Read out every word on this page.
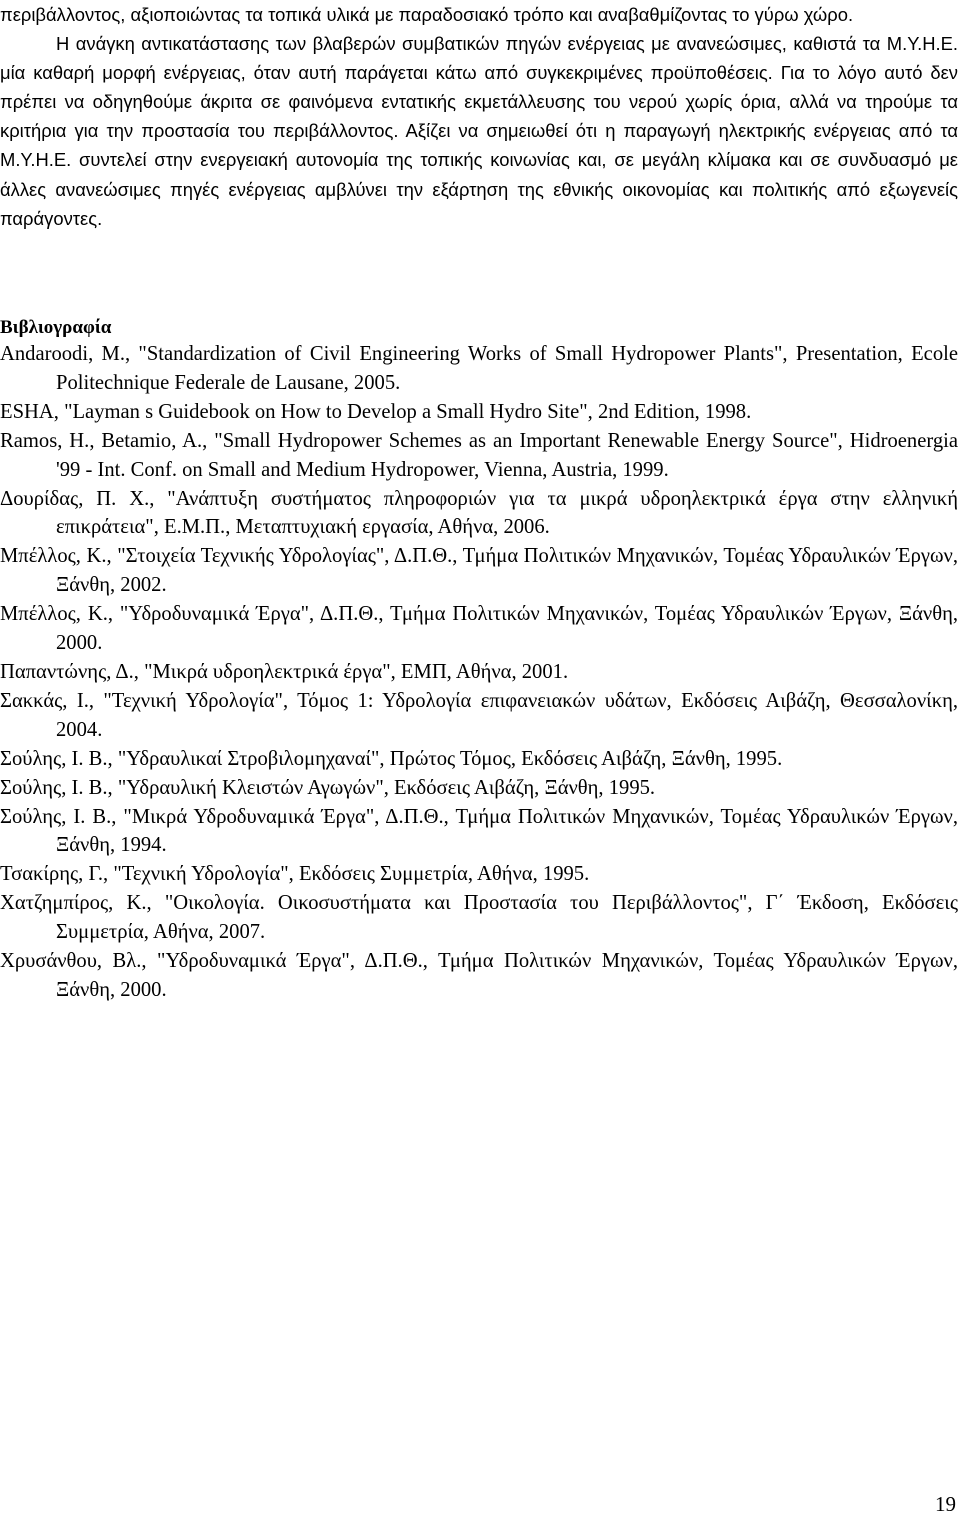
περιβάλλοντος, αξιοποιώντας τα τοπικά υλικά με παραδοσιακό τρόπο και αναβαθμίζοντας το γύρω χώρο.

Η ανάγκη αντικατάστασης των βλαβερών συμβατικών πηγών ενέργειας με ανανεώσιμες, καθιστά τα Μ.Υ.Η.Ε. μία καθαρή μορφή ενέργειας, όταν αυτή παράγεται κάτω από συγκεκριμένες προϋποθέσεις. Για το λόγο αυτό δεν πρέπει να οδηγηθούμε άκριτα σε φαινόμενα εντατικής εκμετάλλευσης του νερού χωρίς όρια, αλλά να τηρούμε τα κριτήρια για την προστασία του περιβάλλοντος. Αξίζει να σημειωθεί ότι η παραγωγή ηλεκτρικής ενέργειας από τα Μ.Υ.Η.Ε. συντελεί στην ενεργειακή αυτονομία της τοπικής κοινωνίας και, σε μεγάλη κλίμακα και σε συνδυασμό με άλλες ανανεώσιμες πηγές ενέργειας αμβλύνει την εξάρτηση της εθνικής οικονομίας και πολιτικής από εξωγενείς παράγοντες.

Βιβλιογραφία
Andaroodi, M., "Standardization of Civil Engineering Works of Small Hydropower Plants", Presentation, Ecole Politechnique Federale de Lausane, 2005.
ESHA, "Layman s Guidebook on How to Develop a Small Hydro Site", 2nd Edition, 1998.
Ramos, H., Betamio, A., "Small Hydropower Schemes as an Important Renewable Energy Source", Hidroenergia '99 - Int. Conf. on Small and Medium Hydropower, Vienna, Austria, 1999.
Δουρίδας, Π. Χ., "Ανάπτυξη συστήματος πληροφοριών για τα μικρά υδροηλεκτρικά έργα στην ελληνική επικράτεια", Ε.Μ.Π., Μεταπτυχιακή εργασία, Αθήνα, 2006.
Μπέλλος, Κ., "Στοιχεία Τεχνικής Υδρολογίας", Δ.Π.Θ., Τμήμα Πολιτικών Μηχανικών, Τομέας Υδραυλικών Έργων, Ξάνθη, 2002.
Μπέλλος, Κ., "Υδροδυναμικά Έργα", Δ.Π.Θ., Τμήμα Πολιτικών Μηχανικών, Τομέας Υδραυλικών Έργων, Ξάνθη, 2000.
Παπαντώνης, Δ., "Μικρά υδροηλεκτρικά έργα", ΕΜΠ, Αθήνα, 2001.
Σακκάς, Ι., "Τεχνική Υδρολογία", Τόμος 1: Υδρολογία επιφανειακών υδάτων, Εκδόσεις Αιβάζη, Θεσσαλονίκη, 2004.
Σούλης, Ι. Β., "Υδραυλικαί Στροβιλομηχαναί", Πρώτος Τόμος, Εκδόσεις Αιβάζη, Ξάνθη, 1995.
Σούλης, Ι. Β., "Υδραυλική Κλειστών Αγωγών", Εκδόσεις Αιβάζη, Ξάνθη, 1995.
Σούλης, Ι. Β., "Μικρά Υδροδυναμικά Έργα", Δ.Π.Θ., Τμήμα Πολιτικών Μηχανικών, Τομέας Υδραυλικών Έργων, Ξάνθη, 1994.
Τσακίρης, Γ., "Τεχνική Υδρολογία", Εκδόσεις Συμμετρία, Αθήνα, 1995.
Χατζημπίρος, Κ., "Οικολογία. Οικοσυστήματα και Προστασία του Περιβάλλοντος", Γ΄ Έκδοση, Εκδόσεις Συμμετρία, Αθήνα, 2007.
Χρυσάνθου, Βλ., "Υδροδυναμικά Έργα", Δ.Π.Θ., Τμήμα Πολιτικών Μηχανικών, Τομέας Υδραυλικών Έργων, Ξάνθη, 2000.
19
